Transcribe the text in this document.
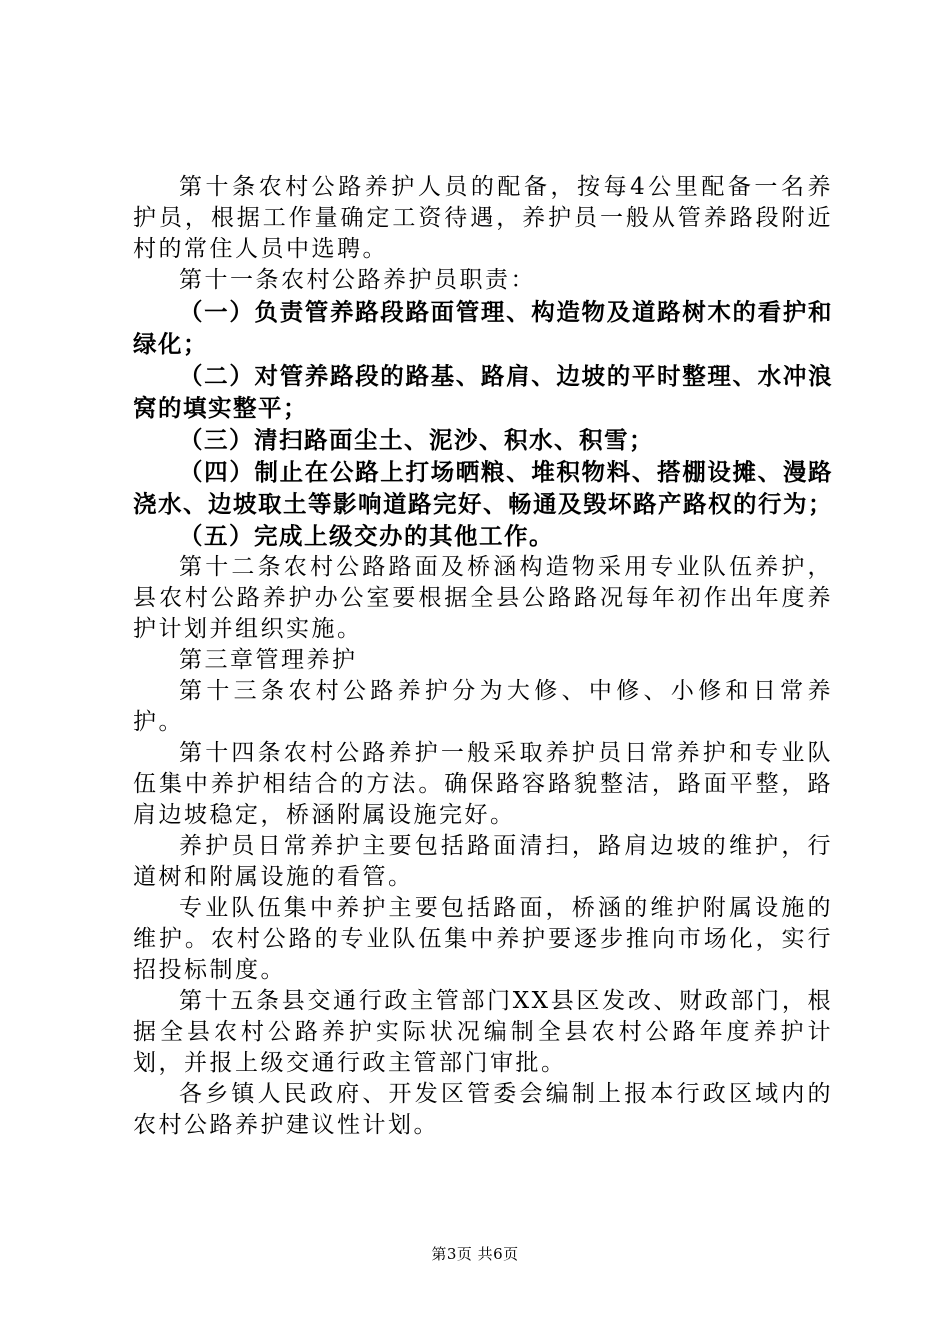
第十条农村公路养护人员的配备，按每4公里配备一名养护员，根据工作量确定工资待遇，养护员一般从管养路段附近村的常住人员中选聘。

第十一条农村公路养护员职责：

（一）负责管养路段路面管理、构造物及道路树木的看护和绿化；

（二）对管养路段的路基、路肩、边坡的平时整理、水冲浪窝的填实整平；

（三）清扫路面尘土、泥沙、积水、积雪；

（四）制止在公路上打场晒粮、堆积物料、搭棚设摊、漫路浇水、边坡取土等影响道路完好、畅通及毁坏路产路权的行为；

（五）完成上级交办的其他工作。

第十二条农村公路路面及桥涵构造物采用专业队伍养护，县农村公路养护办公室要根据全县公路路况每年初作出年度养护计划并组织实施。

第三章管理养护

第十三条农村公路养护分为大修、中修、小修和日常养护。

第十四条农村公路养护一般采取养护员日常养护和专业队伍集中养护相结合的方法。确保路容路貌整洁，路面平整，路肩边坡稳定，桥涵附属设施完好。

养护员日常养护主要包括路面清扫，路肩边坡的维护，行道树和附属设施的看管。

专业队伍集中养护主要包括路面，桥涵的维护附属设施的维护。农村公路的专业队伍集中养护要逐步推向市场化，实行招投标制度。

第十五条县交通行政主管部门XX县区发改、财政部门，根据全县农村公路养护实际状况编制全县农村公路年度养护计划，并报上级交通行政主管部门审批。

各乡镇人民政府、开发区管委会编制上报本行政区域内的农村公路养护建议性计划。

第3页 共6页
